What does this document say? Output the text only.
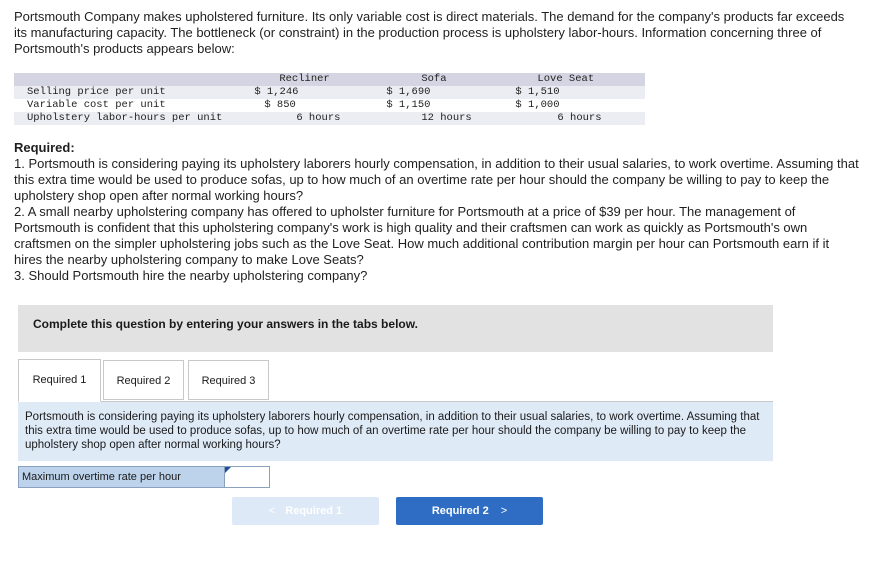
Portsmouth Company makes upholstered furniture. Its only variable cost is direct materials. The demand for the company's products far exceeds its manufacturing capacity. The bottleneck (or constraint) in the production process is upholstery labor-hours. Information concerning three of Portsmouth's products appears below:

	Recliner	Sofa	Love Seat
Selling price per unit	$ 1,246	$ 1,690	$ 1,510
Variable cost per unit	$ 850	$ 1,150	$ 1,000
Upholstery labor-hours per unit	6 hours	12 hours	6 hours
Required:

1. Portsmouth is considering paying its upholstery laborers hourly compensation, in addition to their usual salaries, to work overtime. Assuming that this extra time would be used to produce sofas, up to how much of an overtime rate per hour should the company be willing to pay to keep the upholstery shop open after normal working hours?

2. A small nearby upholstering company has offered to upholster furniture for Portsmouth at a price of $39 per hour. The management of Portsmouth is confident that this upholstering company's work is high quality and their craftsmen can work as quickly as Portsmouth's own craftsmen on the simpler upholstering jobs such as the Love Seat. How much additional contribution margin per hour can Portsmouth earn if it hires the nearby upholstering company to make Love Seats?

3. Should Portsmouth hire the nearby upholstering company?

Complete this question by entering your answers in the tabs below.
Required 1	Required 2	Required 3

Portsmouth is considering paying its upholstery laborers hourly compensation, in addition to their usual salaries, to work overtime. Assuming that this extra time would be used to produce sofas, up to how much of an overtime rate per hour should the company be willing to pay to keep the upholstery shop open after normal working hours?

Maximum overtime rate per hour
< Required 1	Required 2 >
